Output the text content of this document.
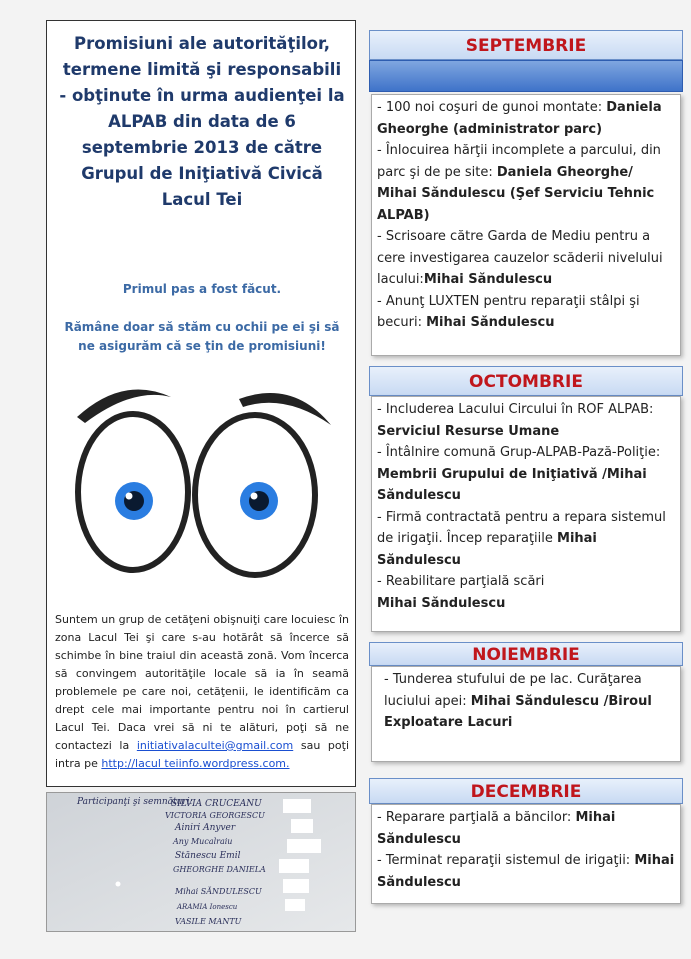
Promisiuni ale autorităţilor, termene limită şi responsabili - obţinute în urma audienţei la ALPAB din data de 6 septembrie 2013 de către Grupul de Iniţiativă Civică Lacul Tei
Primul pas a fost făcut.
Rămâne doar să stăm cu ochii pe ei şi să ne asigurăm că se ţin de promisiuni!
Suntem un grup de cetăţeni obişnuiţi care locuiesc în zona Lacul Tei şi care s-au hotărât să încerce să schimbe în bine traiul din această zonă. Vom încerca să convingem autorităţile locale să ia în seamă problemele pe care noi, cetăţenii, le identificăm ca drept cele mai importante pentru noi în cartierul Lacul Tei. Daca vrei să ni te alături, poţi să ne contactezi la initiativalacultei@gmail.com sau poţi intra pe http://lacul teiinfo.wordpress.com.
Participanţi şi semnături:
SILVIA CRUCEANU
VICTORIA GEORGESCU
Ainiri Anyver
Any Mucalraiu
Stănescu Emil
GHEORGHE DANIELA
Mihai SĂNDULESCU
ARAMIA Ionescu
VASILE MANTU
SEPTEMBRIE
- 100 noi coşuri de gunoi montate: Daniela Gheorghe (administrator parc)
- Înlocuirea hărţii incomplete a parcului, din parc şi de pe site: Daniela Gheorghe/ Mihai Săndulescu (Şef Serviciu Tehnic ALPAB)
- Scrisoare către Garda de Mediu pentru a cere investigarea cauzelor scăderii nivelului lacului:Mihai Săndulescu
- Anunţ LUXTEN pentru reparaţii stâlpi şi becuri: Mihai Săndulescu
OCTOMBRIE
- Includerea Lacului Circului în ROF ALPAB: Serviciul Resurse Umane
- Întâlnire comună Grup-ALPAB-Pază-Poliţie: Membrii Grupului de Iniţiativă /Mihai Săndulescu
- Firmă contractată pentru a repara sistemul de irigaţii. Încep reparaţiile Mihai Săndulescu
- Reabilitare parţială scări
Mihai Săndulescu
NOIEMBRIE
- Tunderea stufului de pe lac. Curăţarea luciului apei: Mihai Săndulescu /Biroul Exploatare Lacuri
DECEMBRIE
- Reparare parţială a băncilor: Mihai Săndulescu
- Terminat reparaţii sistemul de irigaţii: Mihai Săndulescu
